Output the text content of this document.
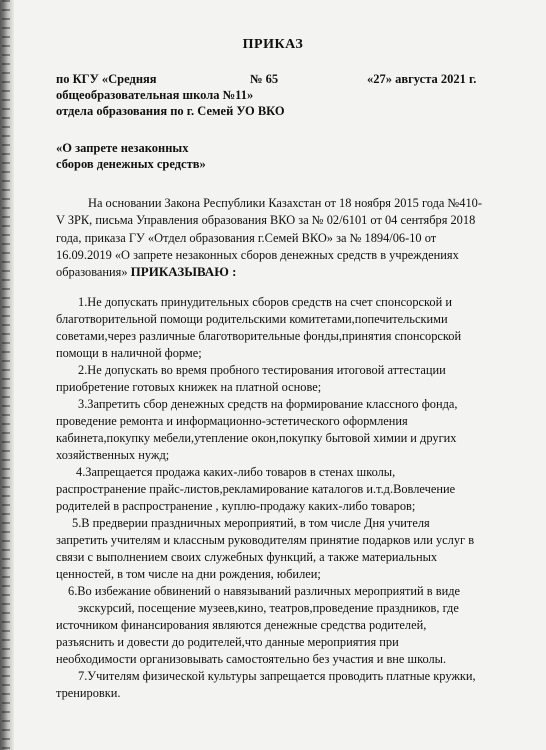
ПРИКАЗ
по КГУ «Средняя	№ 65	«27» августа 2021 г.
общеобразовательная школа №11»
отдела образования по г. Семей УО ВКО
«О запрете незаконных
сборов денежных средств»
На основании Закона Республики Казахстан от 18 ноября 2015 года №410-
V ЗРК, письма Управления образования ВКО за № 02/6101 от 04 сентября 2018
года, приказа ГУ «Отдел образования г.Семей ВКО» за № 1894/06-10 от
16.09.2019 «О запрете незаконных сборов денежных средств в учреждениях
образования» ПРИКАЗЫВАЮ :
1.Не допускать принудительных сборов средств на счет спонсорской и
благотворительной помощи родительскими комитетами,попечительскими
советами,через различные благотворительные фонды,принятия спонсорской
помощи в наличной форме;
2.Не допускать во время пробного тестирования итоговой аттестации
приобретение готовых книжек на платной основе;
3.Запретить сбор денежных средств на формирование классного фонда,
проведение ремонта и информационно-эстетического оформления
кабинета,покупку мебели,утепление окон,покупку бытовой химии и других
хозяйственных нужд;
4.Запрещается продажа каких-либо товаров в стенах школы,
распространение прайс-листов,рекламирование каталогов и.т.д.Вовлечение
родителей в распространение , куплю-продажу каких-либо товаров;
5.В предверии праздничных мероприятий, в том числе Дня учителя
запретить учителям и классным руководителям принятие подарков или услуг в
связи с выполнением своих служебных функций, а также материальных
ценностей, в том числе на дни рождения, юбилеи;
6.Во избежание обвинений о навязываний различных мероприятий в виде
экскурсий, посещение музеев,кино, театров,проведение праздников, где
источником финансирования являются денежные средства родителей,
разъяснить и довести до родителей,что данные мероприятия при
необходимости организовывать самостоятельно без участия и вне школы.
7.Учителям физической культуры запрещается проводить платные кружки,
тренировки.
